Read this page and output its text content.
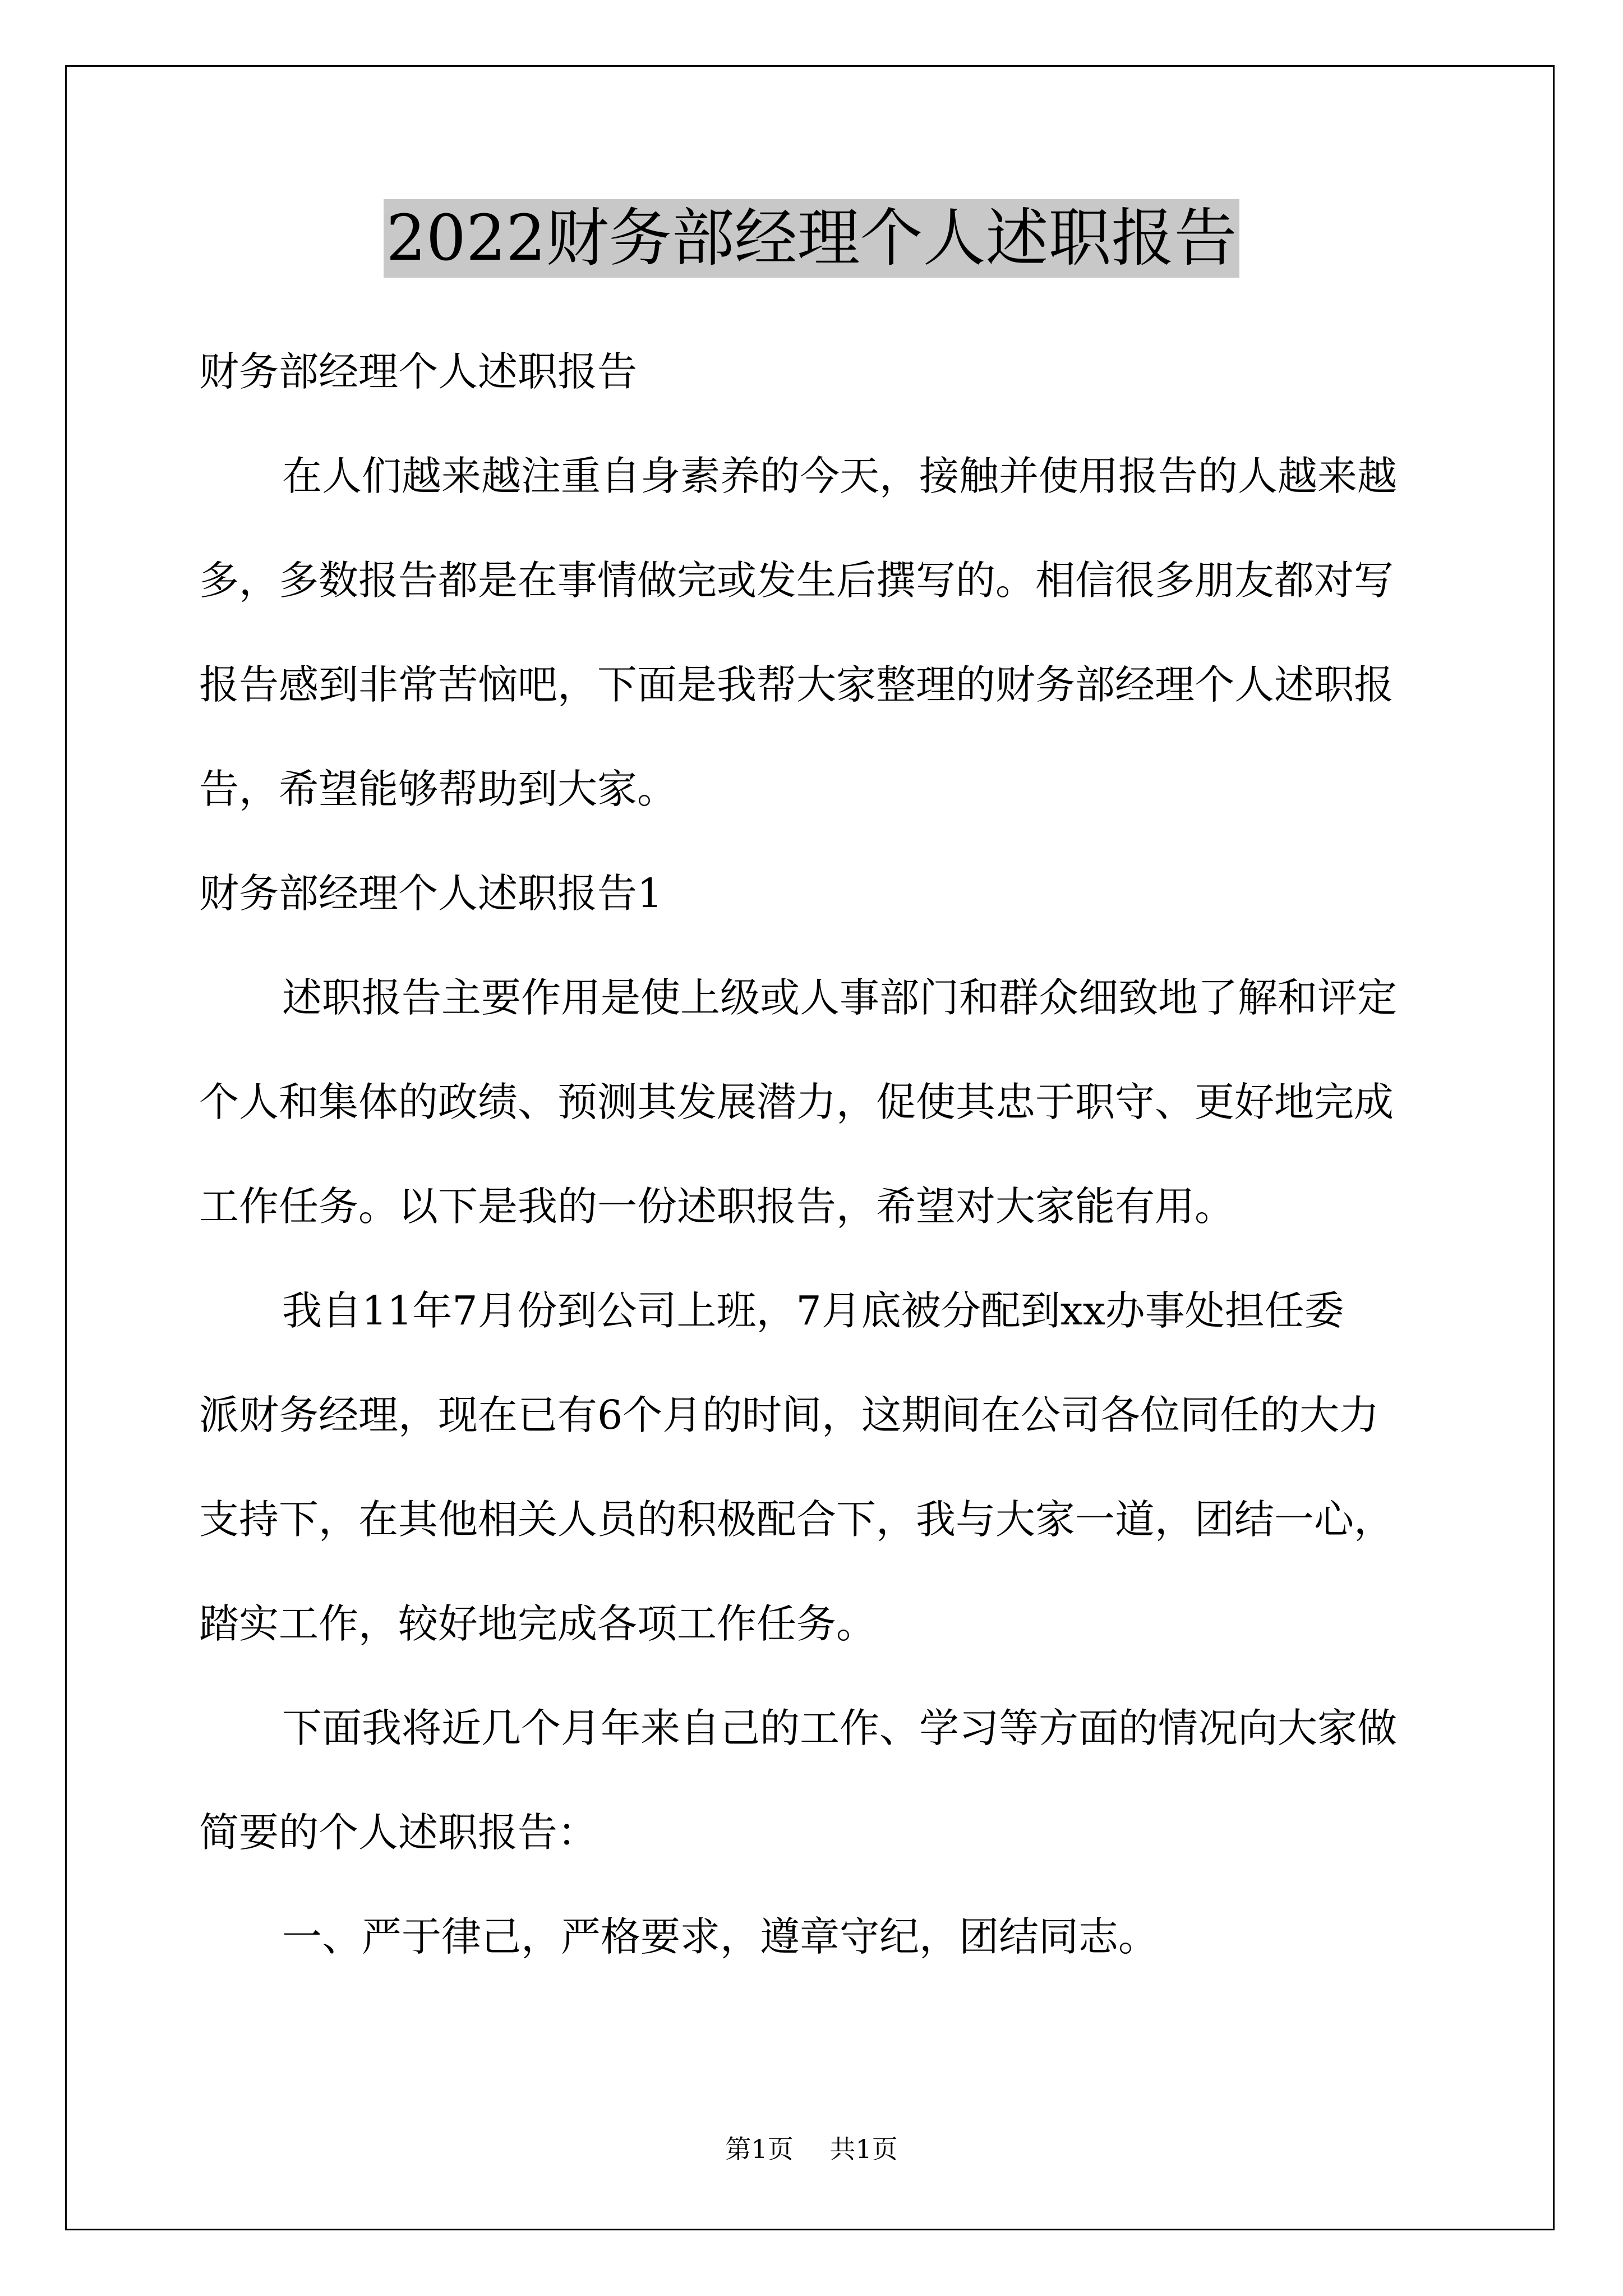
2022财务部经理个人述职报告
财务部经理个人述职报告
在人们越来越注重自身素养的今天，接触并使用报告的人越来越
多，多数报告都是在事情做完或发生后撰写的。相信很多朋友都对写
报告感到非常苦恼吧，下面是我帮大家整理的财务部经理个人述职报
告，希望能够帮助到大家。
财务部经理个人述职报告1
述职报告主要作用是使上级或人事部门和群众细致地了解和评定
个人和集体的政绩、预测其发展潜力，促使其忠于职守、更好地完成
工作任务。以下是我的一份述职报告，希望对大家能有用。
我自11年7月份到公司上班，7月底被分配到xx办事处担任委
派财务经理，现在已有6个月的时间，这期间在公司各位同任的大力
支持下，在其他相关人员的积极配合下，我与大家一道，团结一心，
踏实工作，较好地完成各项工作任务。
下面我将近几个月年来自己的工作、学习等方面的情况向大家做
简要的个人述职报告：
一、严于律己，严格要求，遵章守纪，团结同志。
第1页 共1页
